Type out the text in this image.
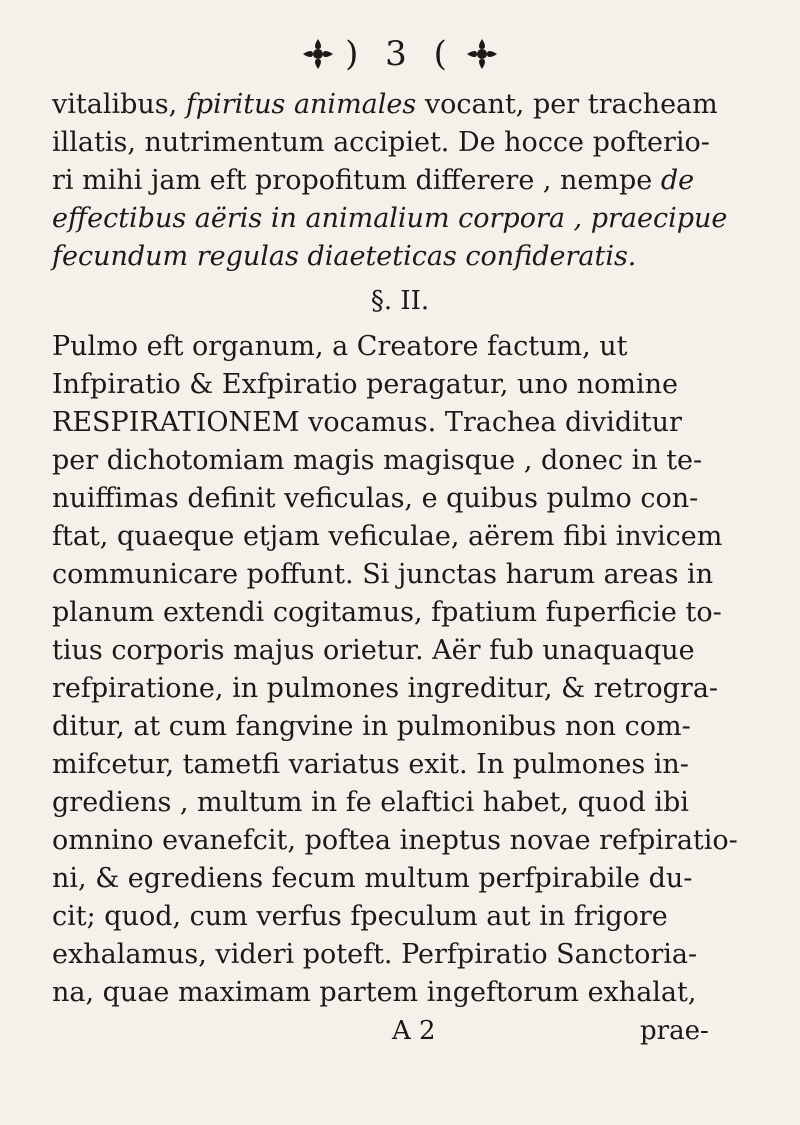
) 3 (
vitalibus, fpiritus animales vocant, per tracheam
illatis, nutrimentum accipiet. De hocce pofterio-
ri mihi jam eft propofitum differere , nempe de
effectibus aëris in animalium corpora , praecipue
fecundum regulas diaeteticas confideratis.
§. II.
Pulmo eft organum, a Creatore factum, ut
Infpiratio & Exfpiratio peragatur, uno nomine
RESPIRATIONEM vocamus. Trachea dividitur
per dichotomiam magis magisque , donec in te-
nuiffimas definit veficulas, e quibus pulmo con-
ftat, quaeque etjam veficulae, aërem fibi invicem
communicare poffunt. Si junctas harum areas in
planum extendi cogitamus, fpatium fuperficie to-
tius corporis majus orietur. Aër fub unaquaque
refpiratione, in pulmones ingreditur, & retrogra-
ditur, at cum fangvine in pulmonibus non com-
mifcetur, tametfi variatus exit. In pulmones in-
grediens , multum in fe elaftici habet, quod ibi
omnino evanefcit, poftea ineptus novae refpiratio-
ni, & egrediens fecum multum perfpirabile du-
cit; quod, cum verfus fpeculum aut in frigore
exhalamus, videri poteft. Perfpiratio Sanctoria-
na, quae maximam partem ingeftorum exhalat,
A 2	prae-
